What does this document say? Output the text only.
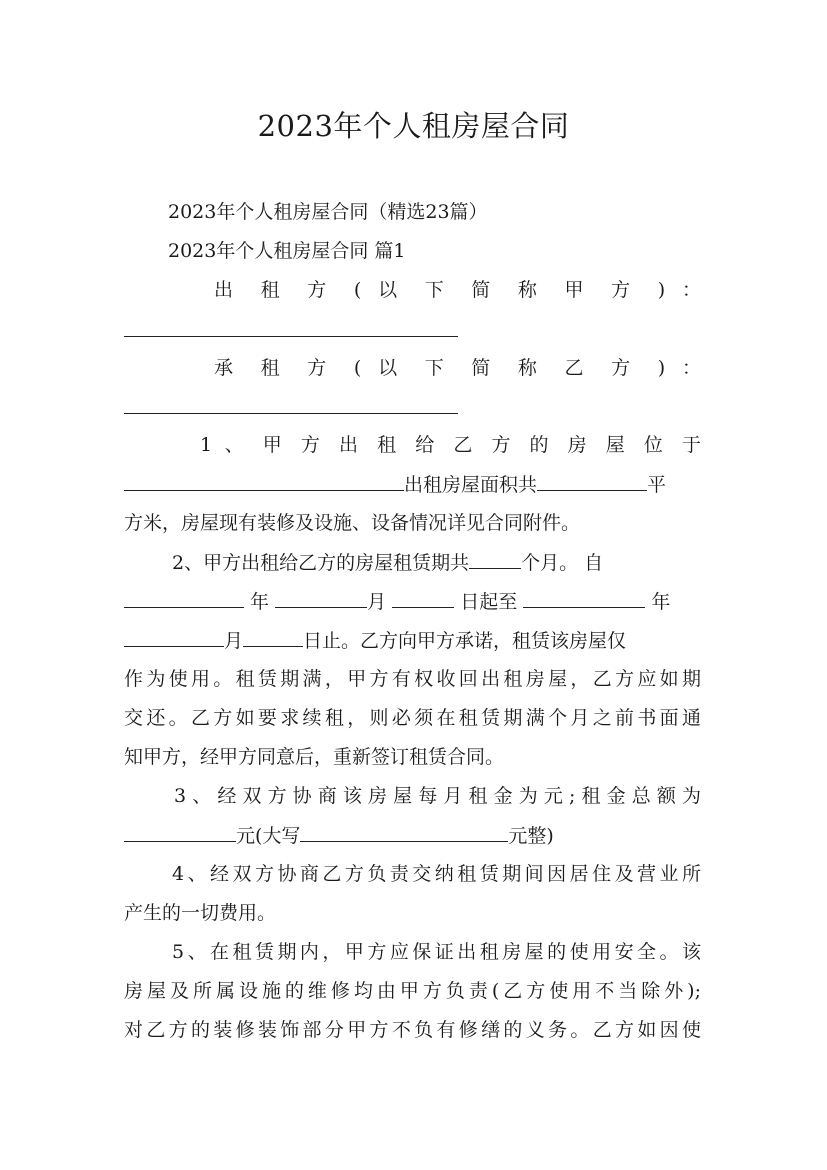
2023年个人租房屋合同
2023年个人租房屋合同（精选23篇）
2023年个人租房屋合同 篇1
出 租 方 ( 以 下 简 称 甲 方 ) ：
承 租 方 ( 以 下 简 称 乙 方 ) ：
1 、 甲 方 出 租 给 乙 方 的 房 屋 位 于
出租房屋面积共	平
方米，房屋现有装修及设施、设备情况详见合同附件。
2、甲方出租给乙方的房屋租赁期共	个月。 自
年	月	日起至	年
月	日止。乙方向甲方承诺，租赁该房屋仅
作为使用。租赁期满，甲方有权收回出租房屋，乙方应如期
交还。乙方如要求续租，则必须在租赁期满个月之前书面通
知甲方，经甲方同意后，重新签订租赁合同。
3、经双方协商该房屋每月租金为元;租金总额为
元(大写	元整)
4、经双方协商乙方负责交纳租赁期间因居住及营业所
产生的一切费用。
5、在租赁期内，甲方应保证出租房屋的使用安全。该
房屋及所属设施的维修均由甲方负责(乙方使用不当除外);
对乙方的装修装饰部分甲方不负有修缮的义务。乙方如因使
